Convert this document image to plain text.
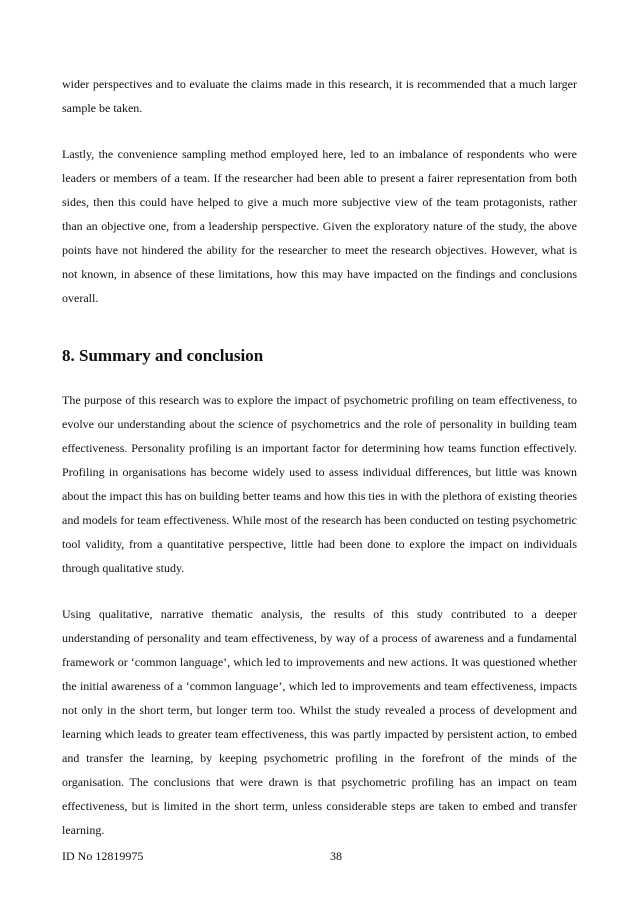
wider perspectives and to evaluate the claims made in this research, it is recommended that a much larger sample be taken.

Lastly, the convenience sampling method employed here, led to an imbalance of respondents who were leaders or members of a team. If the researcher had been able to present a fairer representation from both sides, then this could have helped to give a much more subjective view of the team protagonists, rather than an objective one, from a leadership perspective. Given the exploratory nature of the study, the above points have not hindered the ability for the researcher to meet the research objectives. However, what is not known, in absence of these limitations, how this may have impacted on the findings and conclusions overall.

8. Summary and conclusion

The purpose of this research was to explore the impact of psychometric profiling on team effectiveness, to evolve our understanding about the science of psychometrics and the role of personality in building team effectiveness. Personality profiling is an important factor for determining how teams function effectively. Profiling in organisations has become widely used to assess individual differences, but little was known about the impact this has on building better teams and how this ties in with the plethora of existing theories and models for team effectiveness. While most of the research has been conducted on testing psychometric tool validity, from a quantitative perspective, little had been done to explore the impact on individuals through qualitative study.

Using qualitative, narrative thematic analysis, the results of this study contributed to a deeper understanding of personality and team effectiveness, by way of a process of awareness and a fundamental framework or ‘common language’, which led to improvements and new actions. It was questioned whether the initial awareness of a ‘common language’, which led to improvements and team effectiveness, impacts not only in the short term, but longer term too. Whilst the study revealed a process of development and learning which leads to greater team effectiveness, this was partly impacted by persistent action, to embed and transfer the learning, by keeping psychometric profiling in the forefront of the minds of the organisation. The conclusions that were drawn is that psychometric profiling has an impact on team effectiveness, but is limited in the short term, unless considerable steps are taken to embed and transfer learning.

ID No 12819975	38
